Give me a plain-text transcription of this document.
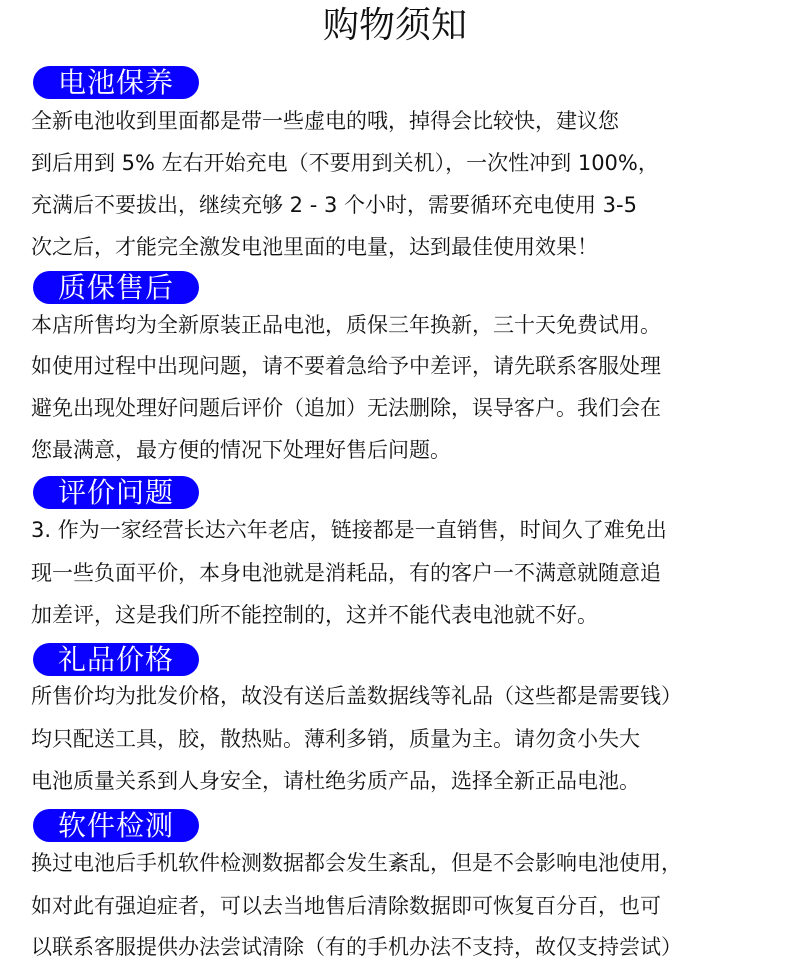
购物须知
电池保养
全新电池收到里面都是带一些虚电的哦，掉得会比较快，建议您
到后用到 5% 左右开始充电（不要用到关机），一次性冲到 100%，
充满后不要拔出，继续充够 2 - 3 个小时，需要循环充电使用 3-5
次之后，才能完全激发电池里面的电量，达到最佳使用效果！
质保售后
本店所售均为全新原装正品电池，质保三年换新，三十天免费试用。
如使用过程中出现问题，请不要着急给予中差评，请先联系客服处理
避免出现处理好问题后评价（追加）无法删除，误导客户。我们会在
您最满意，最方便的情况下处理好售后问题。
评价问题
3. 作为一家经营长达六年老店，链接都是一直销售，时间久了难免出
现一些负面平价，本身电池就是消耗品，有的客户一不满意就随意追
加差评，这是我们所不能控制的，这并不能代表电池就不好。
礼品价格
所售价均为批发价格，故没有送后盖数据线等礼品（这些都是需要钱）
均只配送工具，胶，散热贴。薄利多销，质量为主。请勿贪小失大
电池质量关系到人身安全，请杜绝劣质产品，选择全新正品电池。
软件检测
换过电池后手机软件检测数据都会发生紊乱，但是不会影响电池使用，
如对此有强迫症者，可以去当地售后清除数据即可恢复百分百，也可
以联系客服提供办法尝试清除（有的手机办法不支持，故仅支持尝试）
